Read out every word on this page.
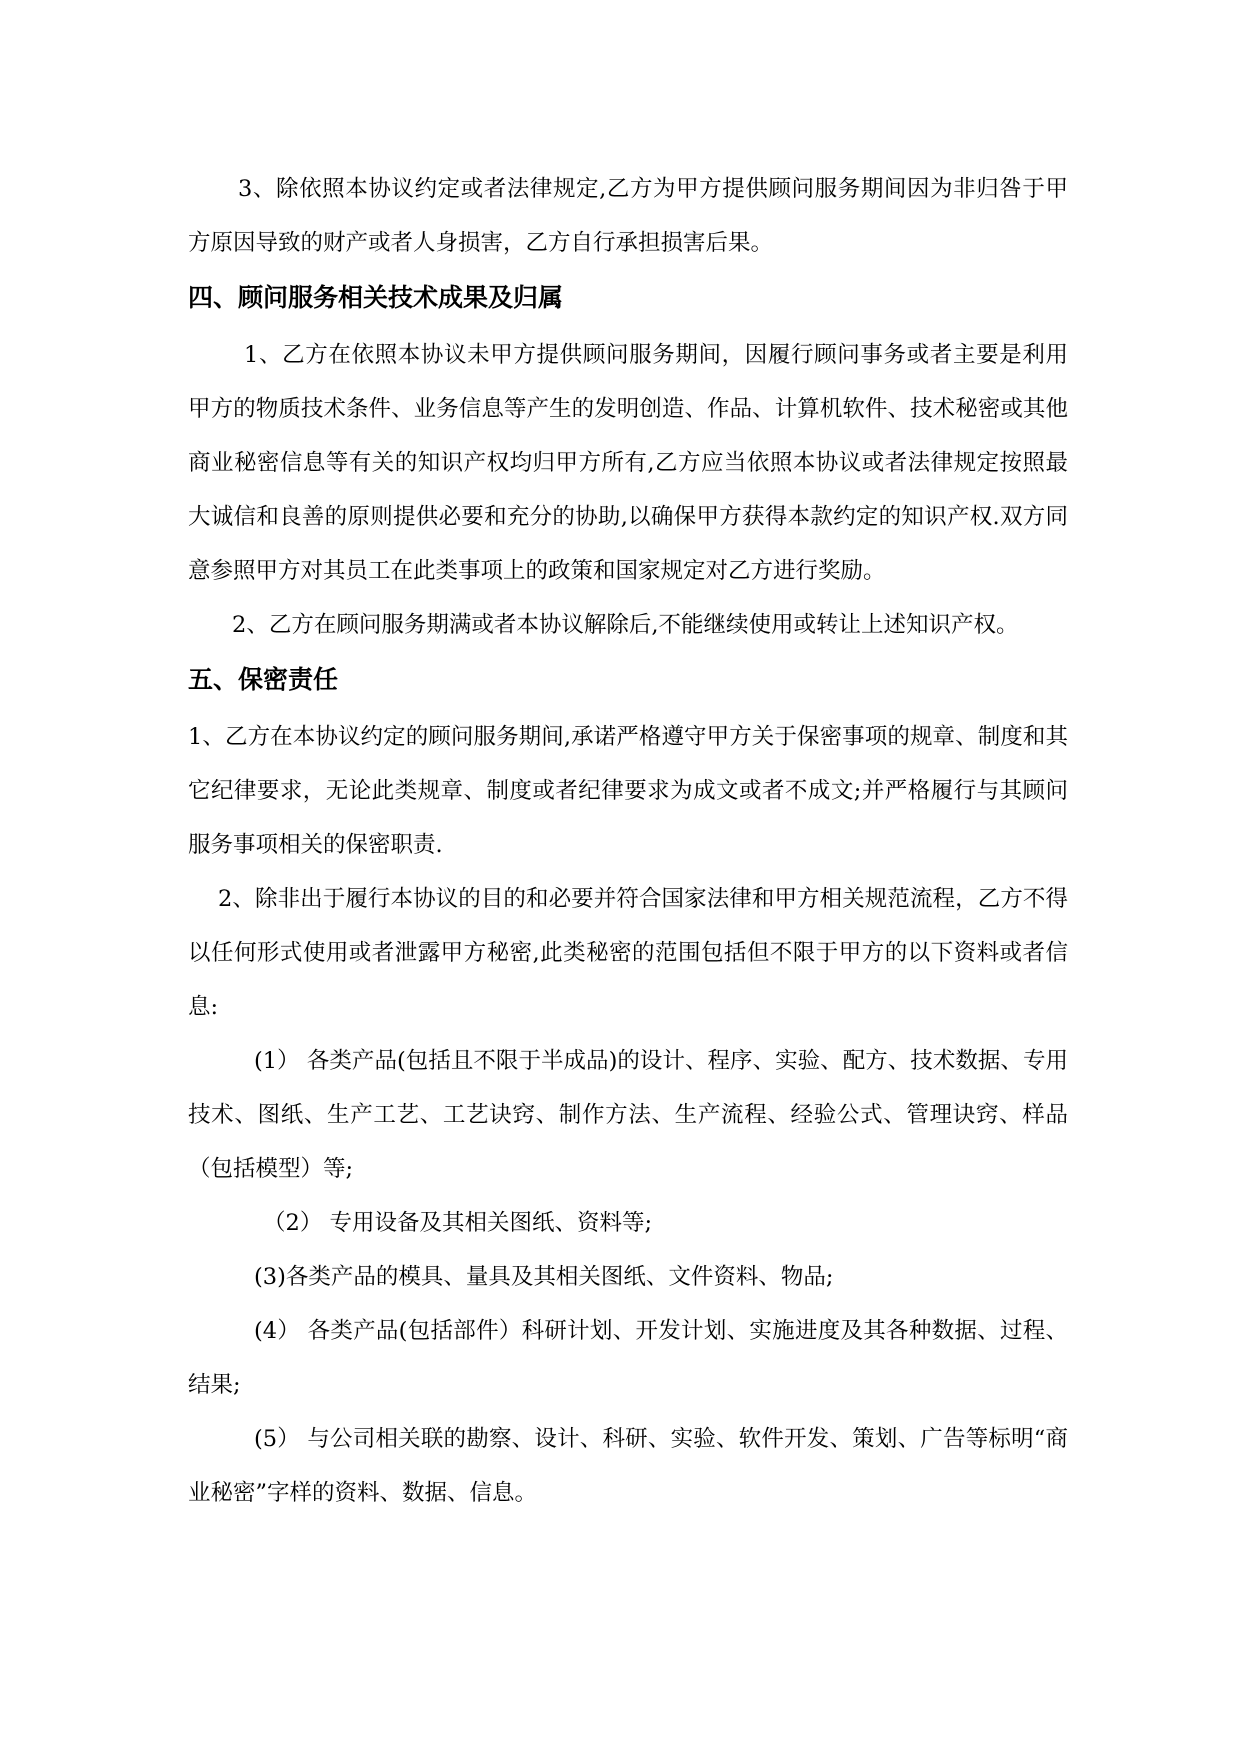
3、除依照本协议约定或者法律规定,乙方为甲方提供顾问服务期间因为非归咎于甲方原因导致的财产或者人身损害，乙方自行承担损害后果。

四、顾问服务相关技术成果及归属

1、乙方在依照本协议未甲方提供顾问服务期间，因履行顾问事务或者主要是利用甲方的物质技术条件、业务信息等产生的发明创造、作品、计算机软件、技术秘密或其他商业秘密信息等有关的知识产权均归甲方所有,乙方应当依照本协议或者法律规定按照最大诚信和良善的原则提供必要和充分的协助,以确保甲方获得本款约定的知识产权.双方同意参照甲方对其员工在此类事项上的政策和国家规定对乙方进行奖励。

2、乙方在顾问服务期满或者本协议解除后,不能继续使用或转让上述知识产权。

五、保密责任

1、乙方在本协议约定的顾问服务期间,承诺严格遵守甲方关于保密事项的规章、制度和其它纪律要求，无论此类规章、制度或者纪律要求为成文或者不成文;并严格履行与其顾问服务事项相关的保密职责.

2、除非出于履行本协议的目的和必要并符合国家法律和甲方相关规范流程，乙方不得以任何形式使用或者泄露甲方秘密,此类秘密的范围包括但不限于甲方的以下资料或者信息:

(1） 各类产品(包括且不限于半成品)的设计、程序、实验、配方、技术数据、专用技术、图纸、生产工艺、工艺诀窍、制作方法、生产流程、经验公式、管理诀窍、样品（包括模型）等;

（2） 专用设备及其相关图纸、资料等;

(3)各类产品的模具、量具及其相关图纸、文件资料、物品;

(4） 各类产品(包括部件）科研计划、开发计划、实施进度及其各种数据、过程、结果;

(5） 与公司相关联的勘察、设计、科研、实验、软件开发、策划、广告等标明“商业秘密”字样的资料、数据、信息。
